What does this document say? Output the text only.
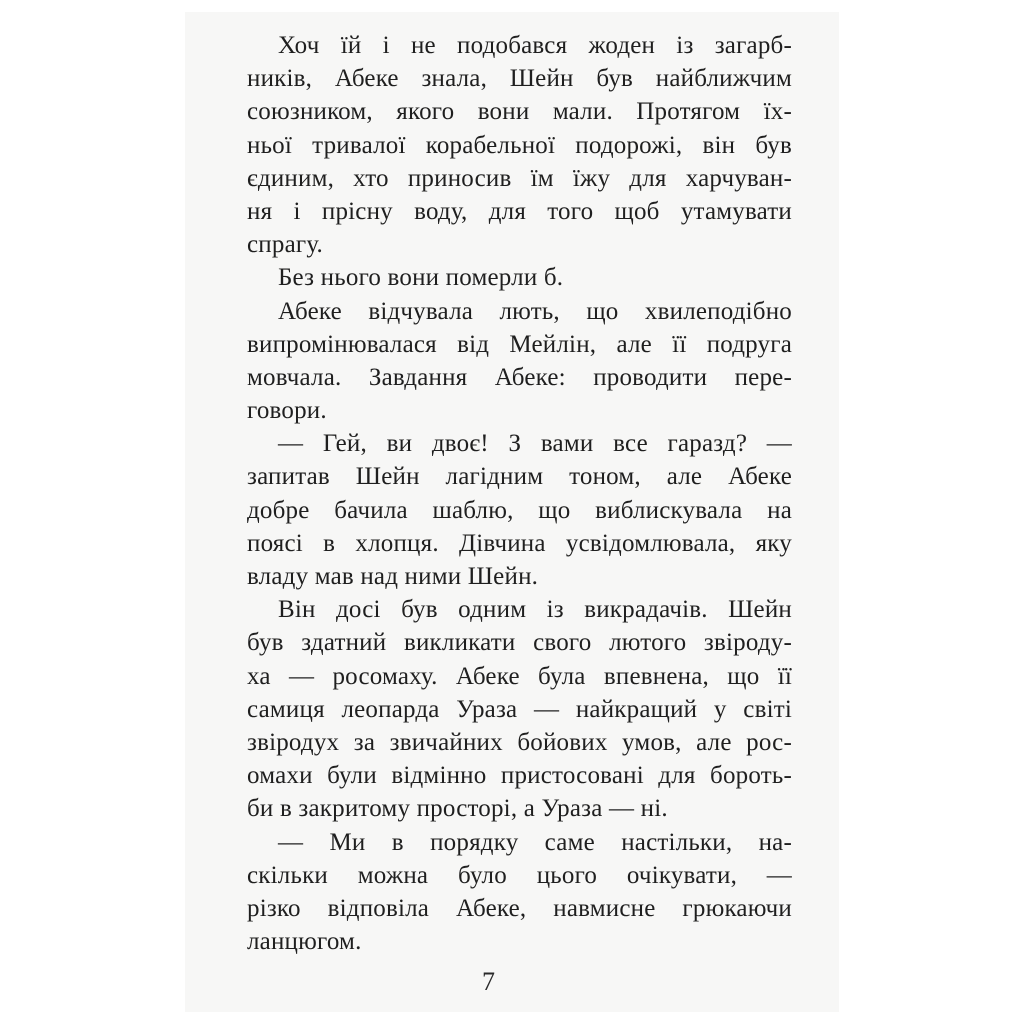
Хоч їй і не подобався жоден із загарб-
ників, Абеке знала, Шейн був найближчим
союзником, якого вони мали. Протягом їх-
ньої тривалої корабельної подорожі, він був
єдиним, хто приносив їм їжу для харчуван-
ня і прісну воду, для того щоб утамувати
спрагу.
Без нього вони померли б.
Абеке відчувала лють, що хвилеподібно
випромінювалася від Мейлін, але її подруга
мовчала. Завдання Абеке: проводити пере-
говори.
— Гей, ви двоє! З вами все гаразд? —
запитав Шейн лагідним тоном, але Абеке
добре бачила шаблю, що виблискувала на
поясі в хлопця. Дівчина усвідомлювала, яку
владу мав над ними Шейн.
Він досі був одним із викрадачів. Шейн
був здатний викликати свого лютого звіроду-
ха — росомаху. Абеке була впевнена, що її
самиця леопарда Ураза — найкращий у світі
звіродух за звичайних бойових умов, але рос-
омахи були відмінно пристосовані для бороть-
би в закритому просторі, а Ураза — ні.
— Ми в порядку саме настільки, на-
скільки можна було цього очікувати, —
різко відповіла Абеке, навмисне грюкаючи
ланцюгом.
7
